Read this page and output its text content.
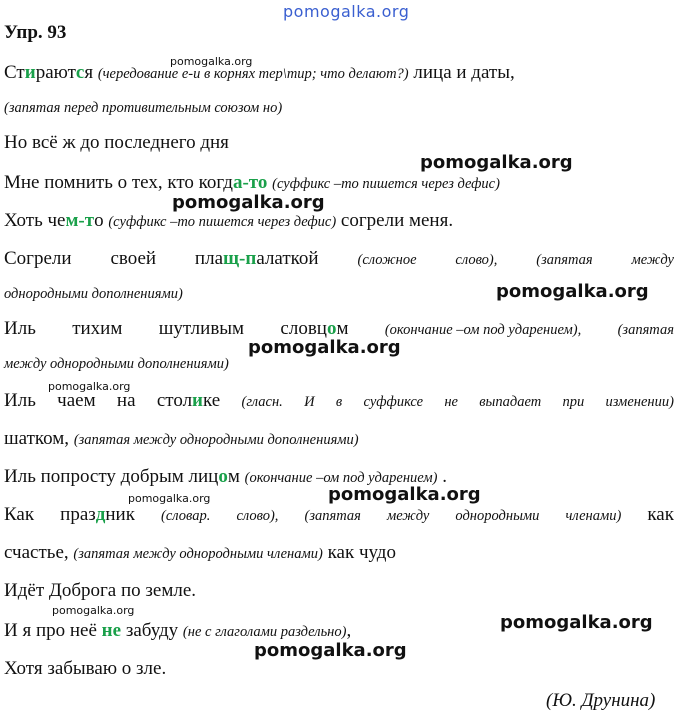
pomogalka.org
Упр. 93
Стираются (чередование е-и в корнях тер\тир; что делают?) лица и даты,
(запятая перед противительным союзом но)
Но всё ж до последнего дня
Мне помнить о тех, кто когда-то (суффикс –то пишется через дефис)
Хоть чем-то (суффикс –то пишется через дефис) согрели меня.
Согрели своей плащ-палаткой	(сложное	слово),	(запятая	между
однородными дополнениями)
Иль тихим шутливым словцом	(окончание –ом под ударением),	(запятая
между однородными дополнениями)
Иль чаем на столике (гласн. И в суффиксе не выпадает при изменении)
шатком, (запятая между однородными дополнениями)
Иль попросту добрым лицом (окончание –ом под ударением) .
Как праздник (словар. слово), (запятая между однородными членами) как
счастье, (запятая между однородными членами) как чудо
Идёт Доброга по земле.
И я про неё не забуду (не с глаголами раздельно),
Хотя забываю о зле.
(Ю. Друнина)
pomogalka.org
pomogalka.org
pomogalka.org
pomogalka.org
pomogalka.org
pomogalka.org
pomogalka.org	pomogalka.org
pomogalka.org
pomogalka.org
pomogalka.org
